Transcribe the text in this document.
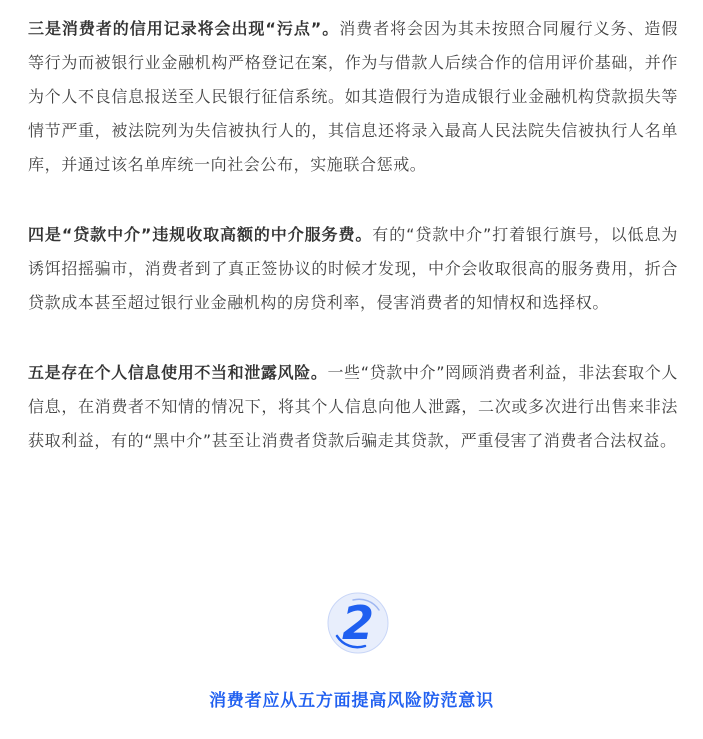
三是消费者的信用记录将会出现“污点”。消费者将会因为其未按照合同履行义务、造假等行为而被银行业金融机构严格登记在案，作为与借款人后续合作的信用评价基础，并作为个人不良信息报送至人民银行征信系统。如其造假行为造成银行业金融机构贷款损失等情节严重，被法院列为失信被执行人的，其信息还将录入最高人民法院失信被执行人名单库，并通过该名单库统一向社会公布，实施联合惩戒。

四是“贷款中介”违规收取高额的中介服务费。有的“贷款中介”打着银行旗号，以低息为诱饵招摇骗市，消费者到了真正签协议的时候才发现，中介会收取很高的服务费用，折合贷款成本甚至超过银行业金融机构的房贷利率，侵害消费者的知情权和选择权。

五是存在个人信息使用不当和泄露风险。一些“贷款中介”罔顾消费者利益，非法套取个人信息，在消费者不知情的情况下，将其个人信息向他人泄露，二次或多次进行出售来非法获取利益，有的“黑中介”甚至让消费者贷款后骗走其贷款，严重侵害了消费者合法权益。

2
消费者应从五方面提高风险防范意识
